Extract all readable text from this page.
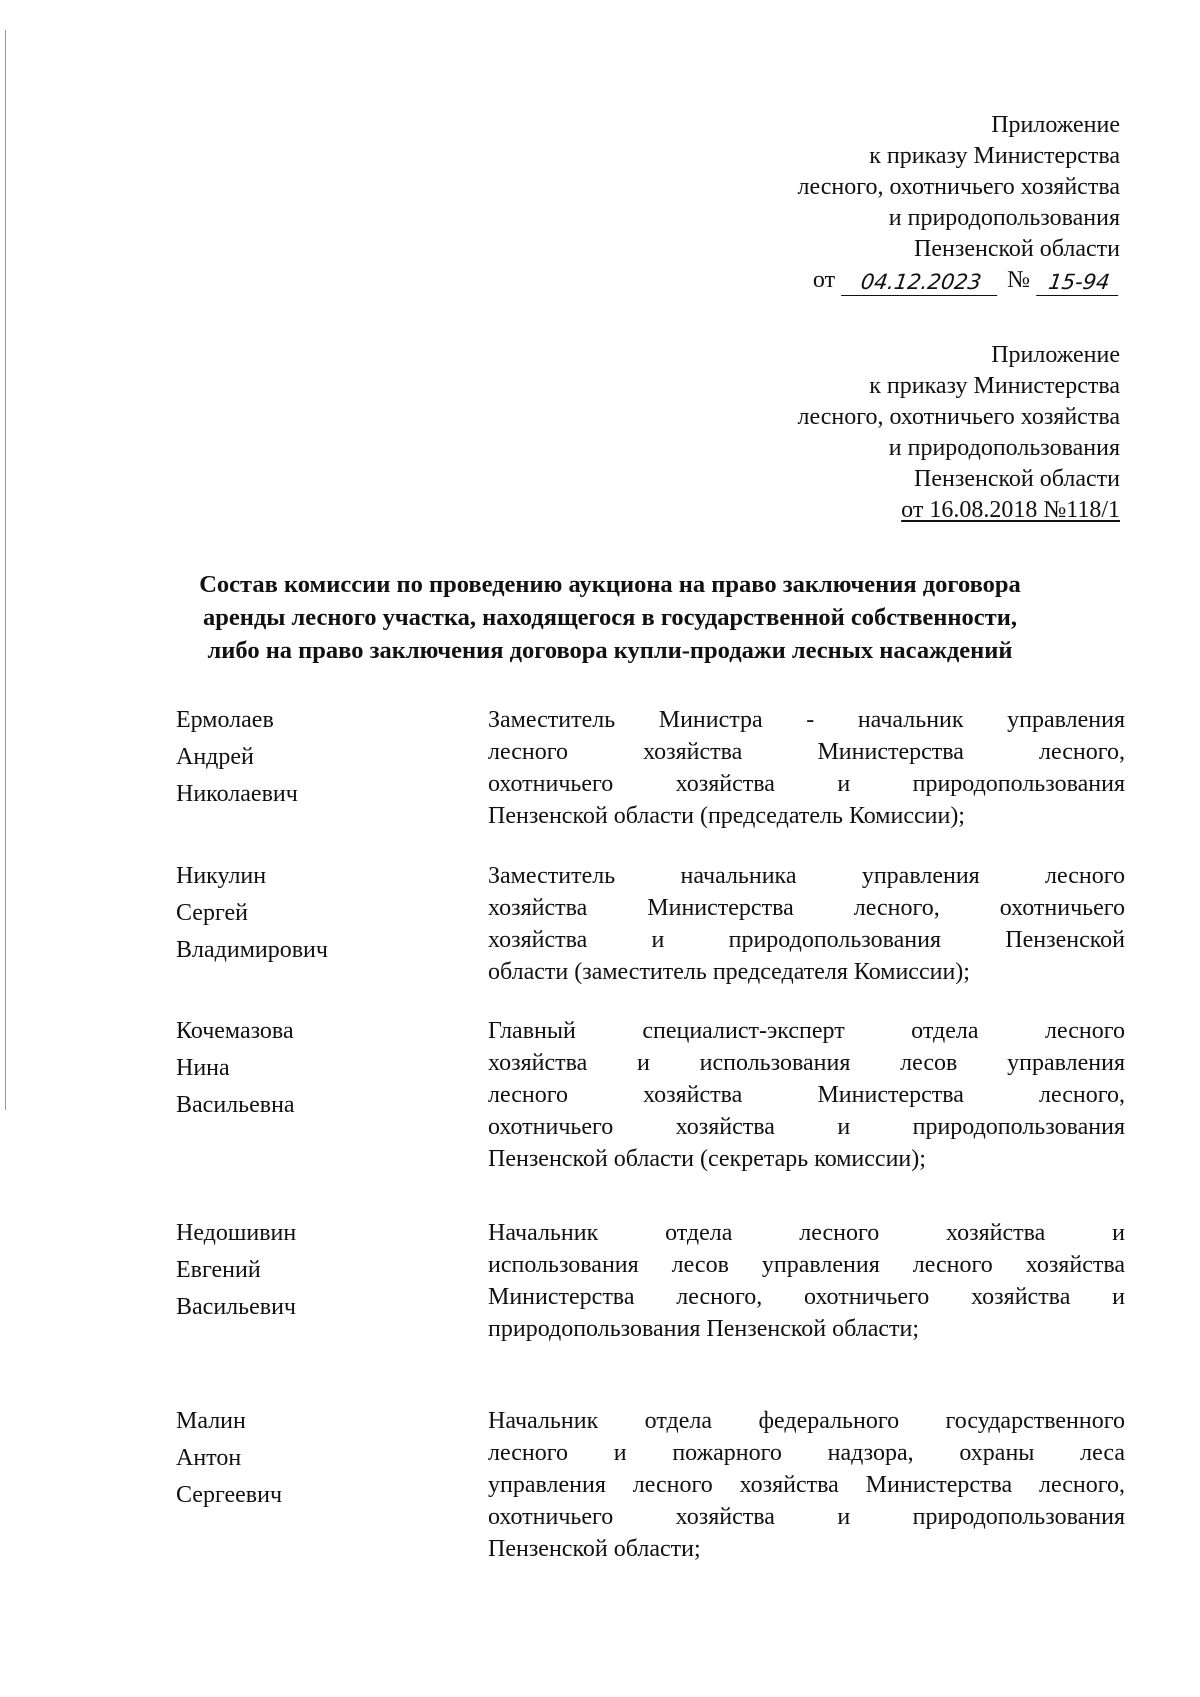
Приложение
к приказу Министерства
лесного, охотничьего хозяйства
и природопользования
Пензенской области
от	04.12.2023	№ 15-94
Приложение
к приказу Министерства
лесного, охотничьего хозяйства
и природопользования
Пензенской области
от 16.08.2018 №118/1
Состав комиссии по проведению аукциона на право заключения договора
аренды лесного участка, находящегося в государственной собственности,
либо на право заключения договора купли-продажи лесных насаждений
Ермолаев
Андрей
Николаевич
Заместитель Министра - начальник управления
лесного хозяйства Министерства лесного,
охотничьего хозяйства и природопользования
Пензенской области (председатель Комиссии);
Никулин
Сергей
Владимирович
Заместитель начальника управления лесного
хозяйства Министерства лесного, охотничьего
хозяйства и природопользования Пензенской
области (заместитель председателя Комиссии);
Кочемазова
Нина
Васильевна
Главный специалист-эксперт отдела лесного
хозяйства и использования лесов управления
лесного хозяйства Министерства лесного,
охотничьего хозяйства и природопользования
Пензенской области (секретарь комиссии);
Недошивин
Евгений
Васильевич
Начальник отдела лесного хозяйства и
использования лесов управления лесного хозяйства
Министерства лесного, охотничьего хозяйства и
природопользования Пензенской области;
Малин
Антон
Сергеевич
Начальник отдела федерального государственного
лесного и пожарного надзора, охраны леса
управления лесного хозяйства Министерства лесного,
охотничьего хозяйства и природопользования
Пензенской области;
